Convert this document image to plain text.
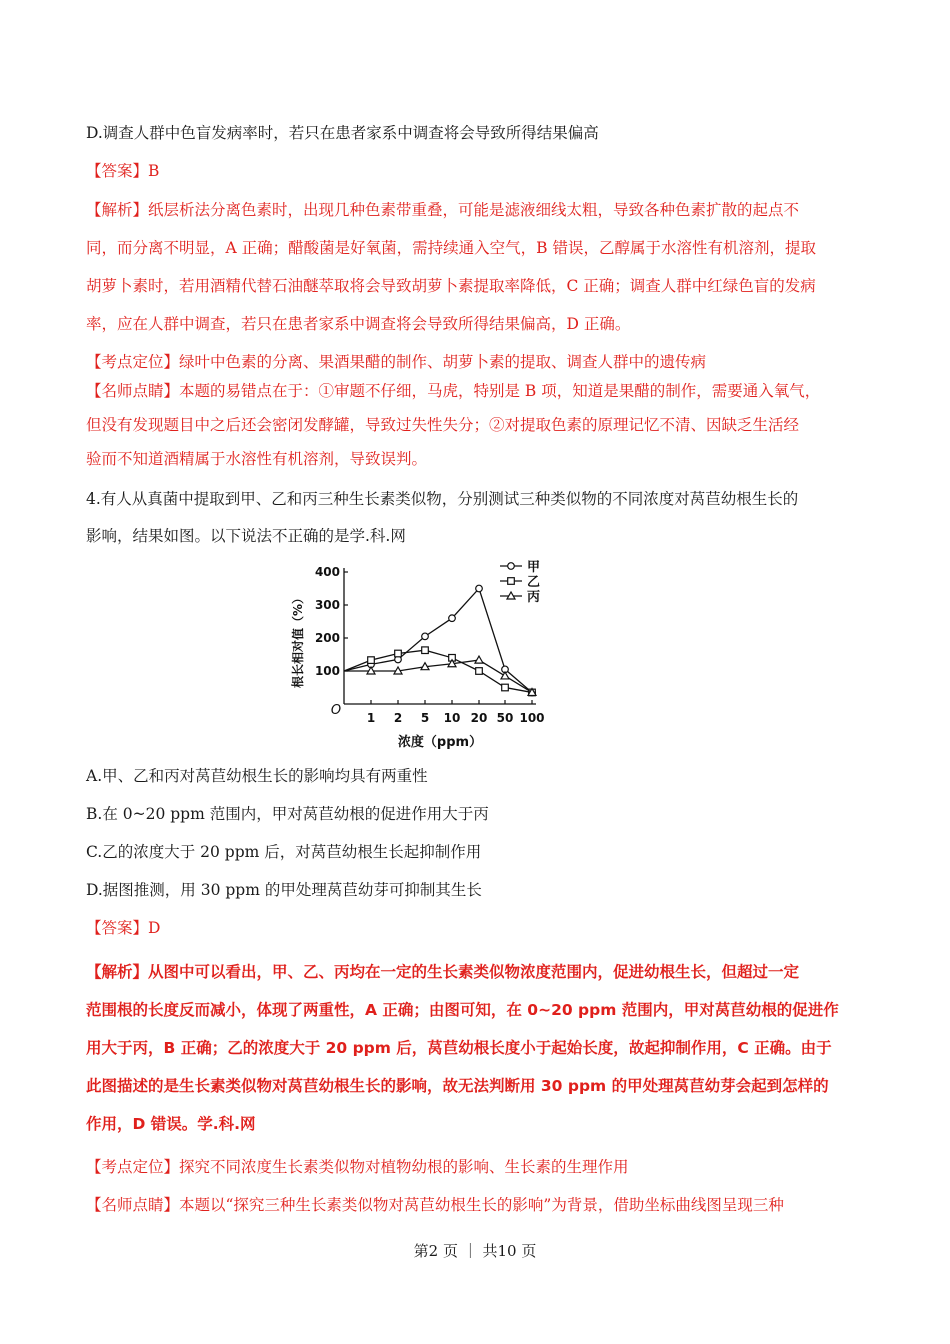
D.调查人群中色盲发病率时，若只在患者家系中调查将会导致所得结果偏高

【答案】B

【解析】纸层析法分离色素时，出现几种色素带重叠，可能是滤液细线太粗，导致各种色素扩散的起点不

同，而分离不明显，A 正确；醋酸菌是好氧菌，需持续通入空气，B 错误，乙醇属于水溶性有机溶剂，提取

胡萝卜素时，若用酒精代替石油醚萃取将会导致胡萝卜素提取率降低，C 正确；调查人群中红绿色盲的发病

率，应在人群中调查，若只在患者家系中调查将会导致所得结果偏高，D 正确。

【考点定位】绿叶中色素的分离、果酒果醋的制作、胡萝卜素的提取、调查人群中的遗传病

【名师点睛】本题的易错点在于：①审题不仔细，马虎，特别是 B 项，知道是果醋的制作，需要通入氧气，

但没有发现题目中之后还会密闭发酵罐，导致过失性失分；②对提取色素的原理记忆不清、因缺乏生活经

验而不知道酒精属于水溶性有机溶剂，导致误判。

4.有人从真菌中提取到甲、乙和丙三种生长素类似物，分别测试三种类似物的不同浓度对莴苣幼根生长的

影响，结果如图。以下说法不正确的是学.科.网

100
200
300
400
1 2 5 10 20 50 100
O
浓度（ppm）
根长相对值（%）
甲
乙
丙

A.甲、乙和丙对莴苣幼根生长的影响均具有两重性

B.在 0~20 ppm 范围内，甲对莴苣幼根的促进作用大于丙

C.乙的浓度大于 20 ppm 后，对莴苣幼根生长起抑制作用

D.据图推测，用 30 ppm 的甲处理莴苣幼芽可抑制其生长

【答案】D

【解析】从图中可以看出，甲、乙、丙均在一定的生长素类似物浓度范围内，促进幼根生长，但超过一定

范围根的长度反而减小，体现了两重性，A 正确；由图可知，在 0~20 ppm 范围内，甲对莴苣幼根的促进作

用大于丙，B 正确；乙的浓度大于 20 ppm 后，莴苣幼根长度小于起始长度，故起抑制作用，C 正确。由于

此图描述的是生长素类似物对莴苣幼根生长的影响，故无法判断用 30 ppm 的甲处理莴苣幼芽会起到怎样的

作用，D 错误。学.科.网

【考点定位】探究不同浓度生长素类似物对植物幼根的影响、生长素的生理作用

【名师点睛】本题以“探究三种生长素类似物对莴苣幼根生长的影响”为背景，借助坐标曲线图呈现三种

第2 页 ｜ 共10 页
